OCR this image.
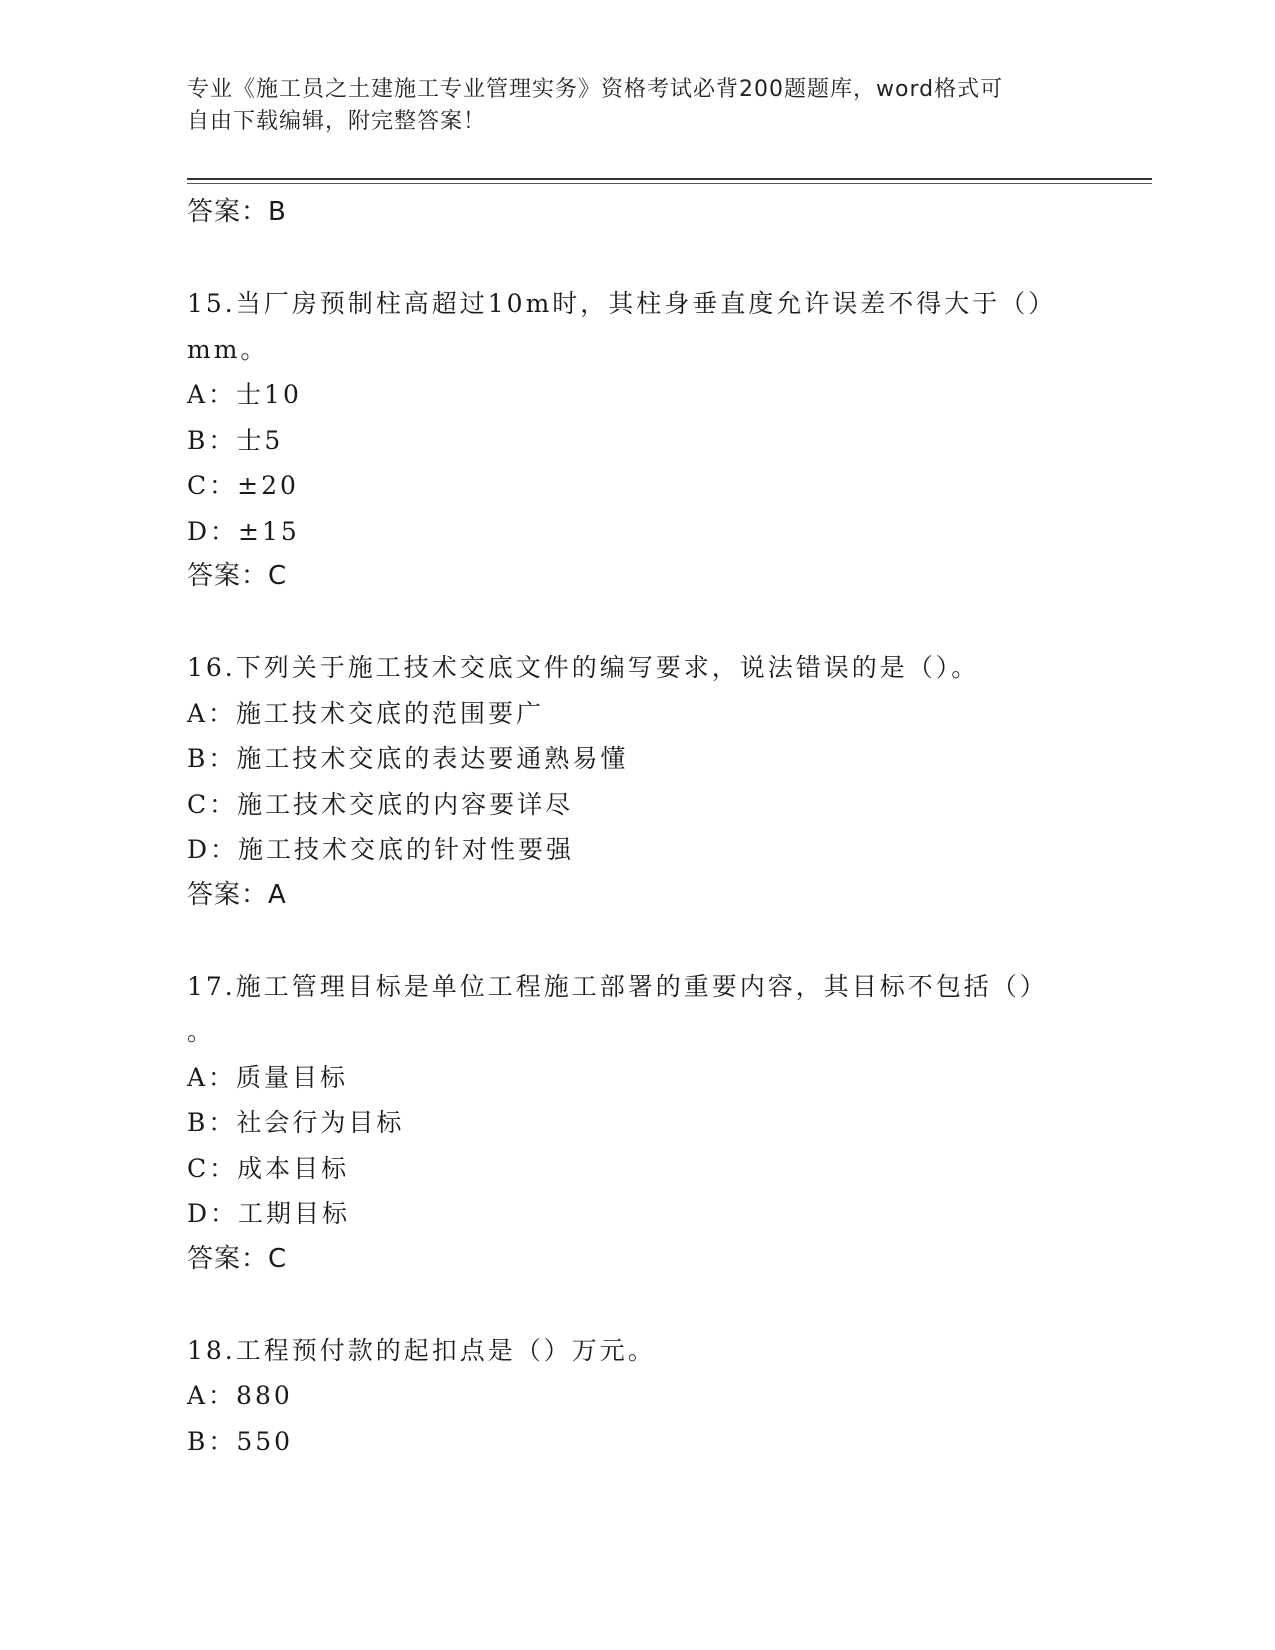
专业《施工员之土建施工专业管理实务》资格考试必背200题题库，word格式可
自由下载编辑，附完整答案！
答案：B
15.当厂房预制柱高超过10m时，其柱身垂直度允许误差不得大于（）
mm。
A：士10
B：士5
C：±20
D：±15
答案：C
16.下列关于施工技术交底文件的编写要求，说法错误的是（）。
A：施工技术交底的范围要广
B：施工技术交底的表达要通熟易懂
C：施工技术交底的内容要详尽
D：施工技术交底的针对性要强
答案：A
17.施工管理目标是单位工程施工部署的重要内容，其目标不包括（）
。
A：质量目标
B：社会行为目标
C：成本目标
D：工期目标
答案：C
18.工程预付款的起扣点是（）万元。
A：880
B：550
